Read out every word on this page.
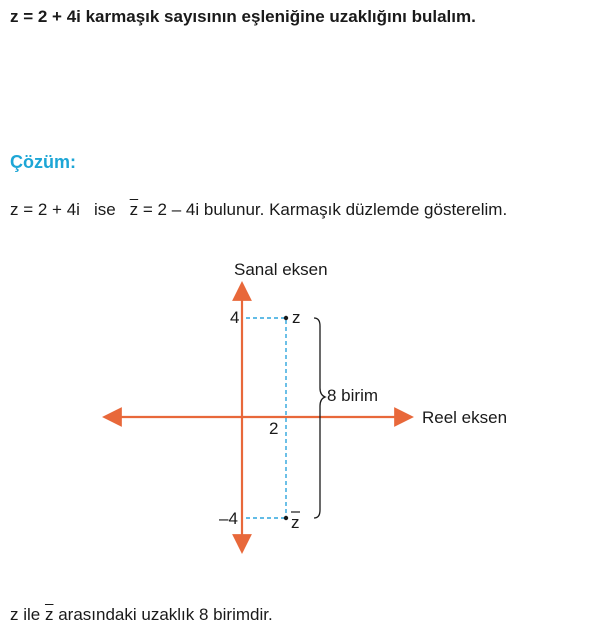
z = 2 + 4i karmaşık sayısının eşleniğine uzaklığını bulalım.
Çözüm:
z = 2 + 4i ise $\overline{z} = 2 - 4i$ bulunur. Karmaşık düzlemde gösterelim.
Sanal eksen
Reel eksen
4
–4
2
z
z
8 birim
z ile $\overline{z}$ arasındaki uzaklık 8 birimdir.
